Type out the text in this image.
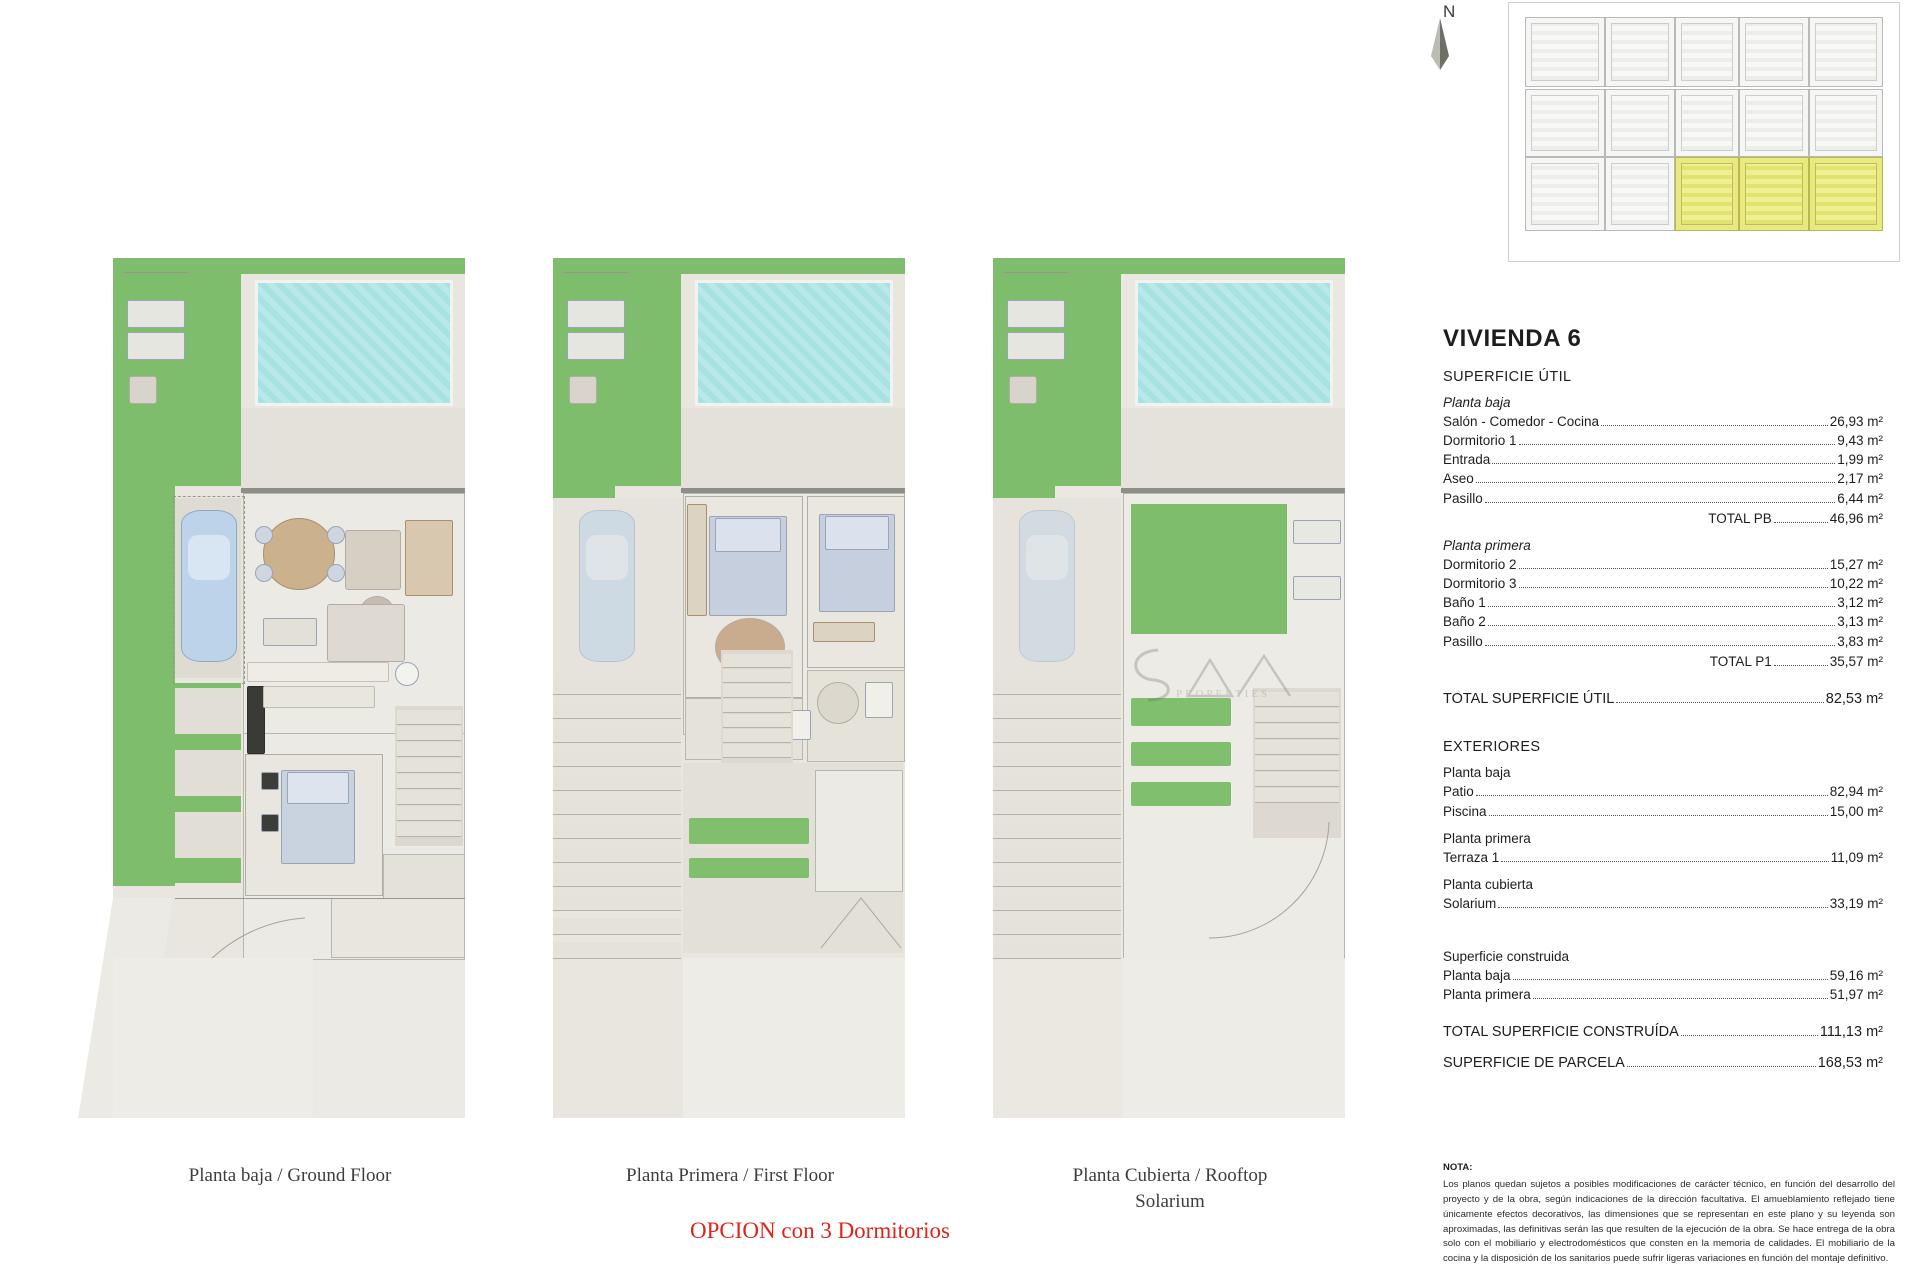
N
Planta baja / Ground Floor	Planta Primera / First Floor	Planta Cubierta / Rooftop
Solarium
PROPERTIES
OPCION con 3 Dormitorios
VIVIENDA 6
SUPERFICIE ÚTIL
Planta baja
Salón - Comedor - Cocina	26,93 m²
Dormitorio 1	9,43 m²
Entrada	1,99 m²
Aseo	2,17 m²
Pasillo	6,44 m²
TOTAL PB	46,96 m²
Planta primera
Dormitorio 2	15,27 m²
Dormitorio 3	10,22 m²
Baño 1	3,12 m²
Baño 2	3,13 m²
Pasillo	3,83 m²
TOTAL P1	35,57 m²
TOTAL SUPERFICIE ÚTIL	82,53 m²
EXTERIORES
Planta baja
Patio	82,94 m²
Piscina	15,00 m²
Planta primera
Terraza 1	11,09 m²
Planta cubierta
Solarium	33,19 m²
Superficie construida
Planta baja	59,16 m²
Planta primera	51,97 m²
TOTAL SUPERFICIE CONSTRUÍDA	111,13 m²
SUPERFICIE DE PARCELA	168,53 m²
NOTA:
Los planos quedan sujetos a posibles modificaciones de carácter técnico, en función del desarrollo del proyecto y de la obra, según indicaciones de la dirección facultativa. El amueblamiento reflejado tiene únicamente efectos decorativos, las dimensiones que se representan en este plano y su leyenda son aproximadas, las definitivas serán las que resulten de la ejecución de la obra. Se hace entrega de la obra solo con el mobiliario y electrodomésticos que consten en la memoria de calidades. El mobiliario de la cocina y la disposición de los sanitarios puede sufrir ligeras variaciones en función del montaje definitivo.
